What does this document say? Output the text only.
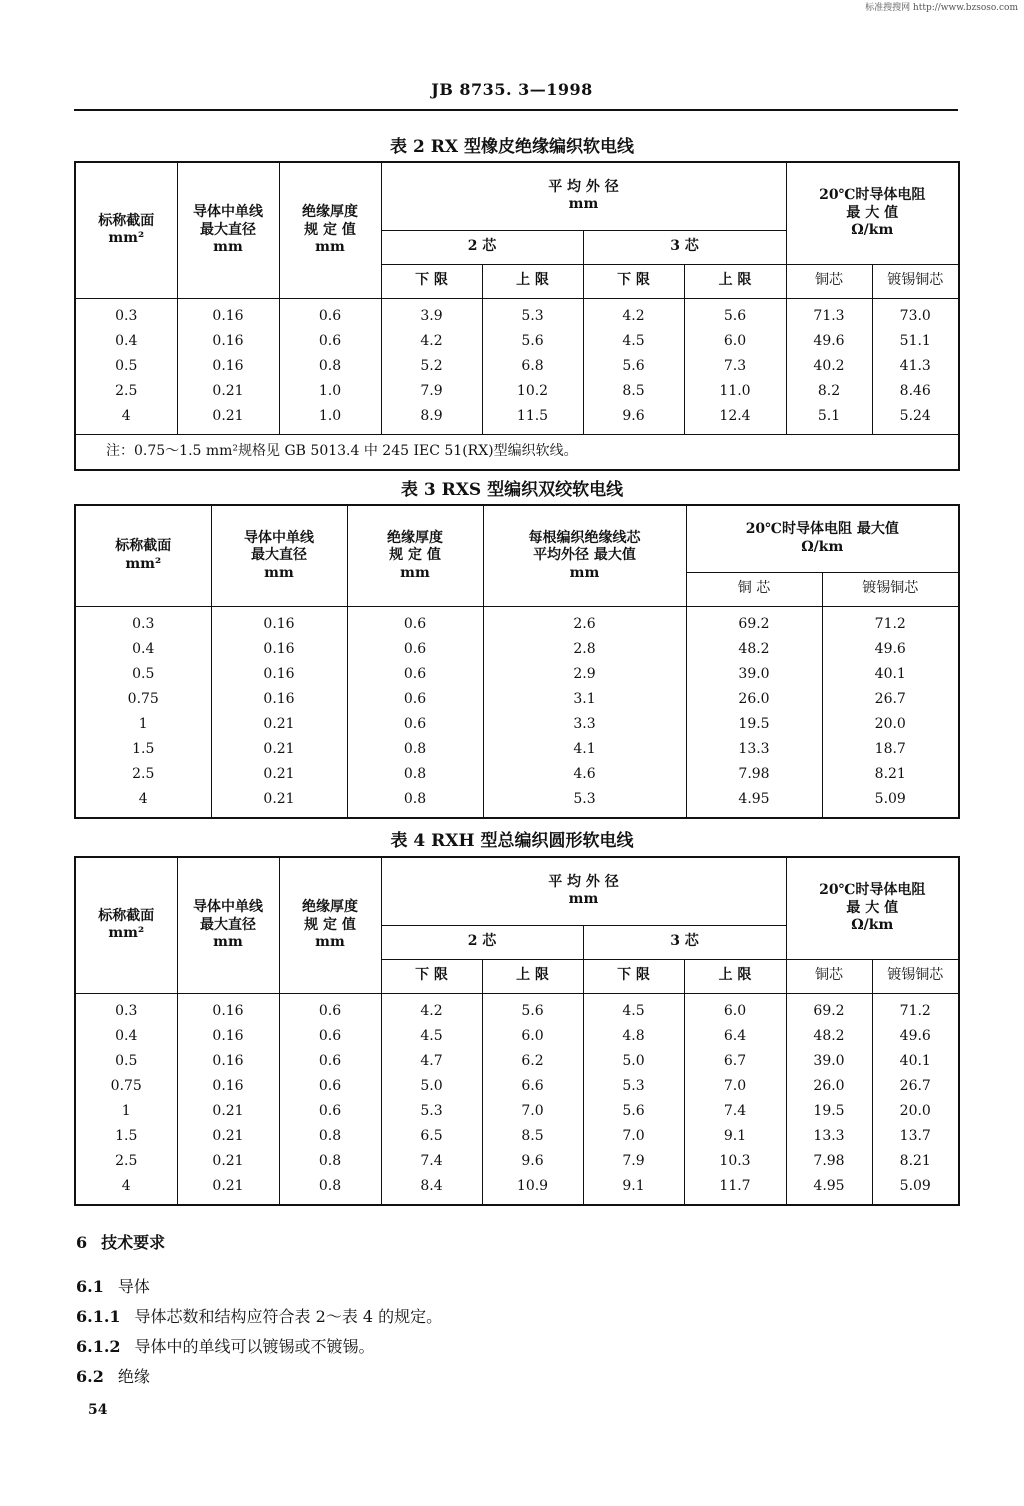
标准搜搜网 http://www.bzsoso.com
JB 8735. 3—1998
表 2 RX 型橡皮绝缘编织软电线
标称截面
mm²	导体中单线
最大直径
mm	绝缘厚度
规 定 值
mm	平 均 外 径
mm				20℃时导体电阻
最 大 值
Ω/km	
			2 芯		3 芯			
			下 限	上 限	下 限	上 限	铜芯	镀锡铜芯
0.3	0.16	0.6	3.9	5.3	4.2	5.6	71.3	73.0
0.4	0.16	0.6	4.2	5.6	4.5	6.0	49.6	51.1
0.5	0.16	0.8	5.2	6.8	5.6	7.3	40.2	41.3
2.5	0.21	1.0	7.9	10.2	8.5	11.0	8.2	8.46
4	0.21	1.0	8.9	11.5	9.6	12.4	5.1	5.24
注：0.75～1.5 mm²规格见 GB 5013.4 中 245 IEC 51(RX)型编织软线。								
表 3 RXS 型编织双绞软电线
标称截面
mm²	导体中单线
最大直径
mm	绝缘厚度
规 定 值
mm	每根编织绝缘线芯
平均外径 最大值
mm	20℃时导体电阻 最大值
Ω/km	
				铜 芯	镀锡铜芯
0.3	0.16	0.6	2.6	69.2	71.2
0.4	0.16	0.6	2.8	48.2	49.6
0.5	0.16	0.6	2.9	39.0	40.1
0.75	0.16	0.6	3.1	26.0	26.7
1	0.21	0.6	3.3	19.5	20.0
1.5	0.21	0.8	4.1	13.3	18.7
2.5	0.21	0.8	4.6	7.98	8.21
4	0.21	0.8	5.3	4.95	5.09
表 4 RXH 型总编织圆形软电线
标称截面
mm²	导体中单线
最大直径
mm	绝缘厚度
规 定 值
mm	平 均 外 径
mm				20℃时导体电阻
最 大 值
Ω/km	
			2 芯		3 芯			
			下 限	上 限	下 限	上 限	铜芯	镀锡铜芯
0.3	0.16	0.6	4.2	5.6	4.5	6.0	69.2	71.2
0.4	0.16	0.6	4.5	6.0	4.8	6.4	48.2	49.6
0.5	0.16	0.6	4.7	6.2	5.0	6.7	39.0	40.1
0.75	0.16	0.6	5.0	6.6	5.3	7.0	26.0	26.7
1	0.21	0.6	5.3	7.0	5.6	7.4	19.5	20.0
1.5	0.21	0.8	6.5	8.5	7.0	9.1	13.3	13.7
2.5	0.21	0.8	7.4	9.6	7.9	10.3	7.98	8.21
4	0.21	0.8	8.4	10.9	9.1	11.7	4.95	5.09
6 技术要求
6.1 导体
6.1.1 导体芯数和结构应符合表 2～表 4 的规定。
6.1.2 导体中的单线可以镀锡或不镀锡。
6.2 绝缘
54
